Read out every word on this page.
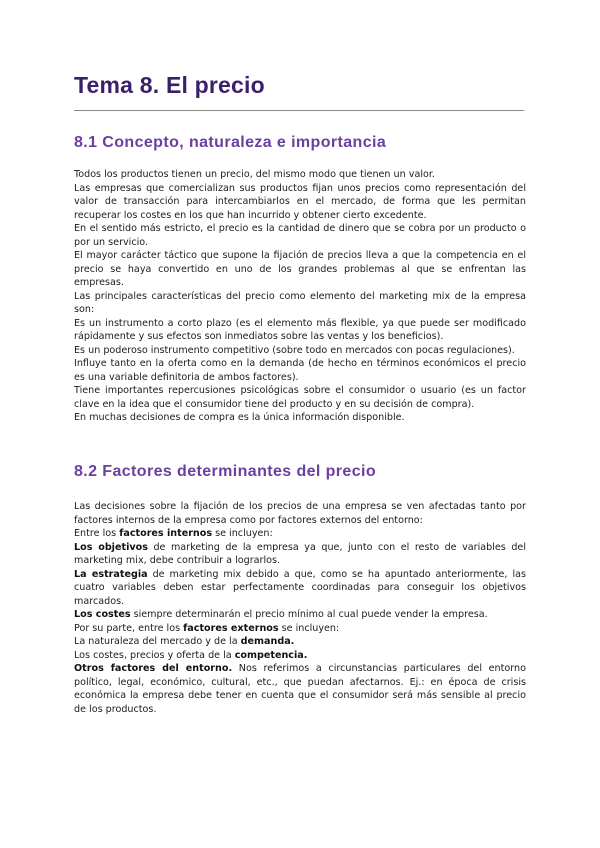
Tema 8. El precio
8.1 Concepto, naturaleza e importancia

Todos los productos tienen un precio, del mismo modo que tienen un valor.

Las empresas que comercializan sus productos fijan unos precios como representación del valor de transacción para intercambiarlos en el mercado, de forma que les permitan recuperar los costes en los que han incurrido y obtener cierto excedente.

En el sentido más estricto, el precio es la cantidad de dinero que se cobra por un producto o por un servicio.

El mayor carácter táctico que supone la fijación de precios lleva a que la competencia en el precio se haya convertido en uno de los grandes problemas al que se enfrentan las empresas.

Las principales características del precio como elemento del marketing mix de la empresa son:

Es un instrumento a corto plazo (es el elemento más flexible, ya que puede ser modificado rápidamente y sus efectos son inmediatos sobre las ventas y los beneficios).

Es un poderoso instrumento competitivo (sobre todo en mercados con pocas regulaciones).

Influye tanto en la oferta como en la demanda (de hecho en términos económicos el precio es una variable definitoria de ambos factores).

Tiene importantes repercusiones psicológicas sobre el consumidor o usuario (es un factor clave en la idea que el consumidor tiene del producto y en su decisión de compra).

En muchas decisiones de compra es la única información disponible.

8.2 Factores determinantes del precio

Las decisiones sobre la fijación de los precios de una empresa se ven afectadas tanto por factores internos de la empresa como por factores externos del entorno:

Entre los factores internos se incluyen:

Los objetivos de marketing de la empresa ya que, junto con el resto de variables del marketing mix, debe contribuir a lograrlos.

La estrategia de marketing mix debido a que, como se ha apuntado anteriormente, las cuatro variables deben estar perfectamente coordinadas para conseguir los objetivos marcados.

Los costes siempre determinarán el precio mínimo al cual puede vender la empresa.

Por su parte, entre los factores externos se incluyen:

La naturaleza del mercado y de la demanda.

Los costes, precios y oferta de la competencia.

Otros factores del entorno. Nos referimos a circunstancias particulares del entorno político, legal, económico, cultural, etc., que puedan afectarnos. Ej.: en época de crisis económica la empresa debe tener en cuenta que el consumidor será más sensible al precio de los productos.
